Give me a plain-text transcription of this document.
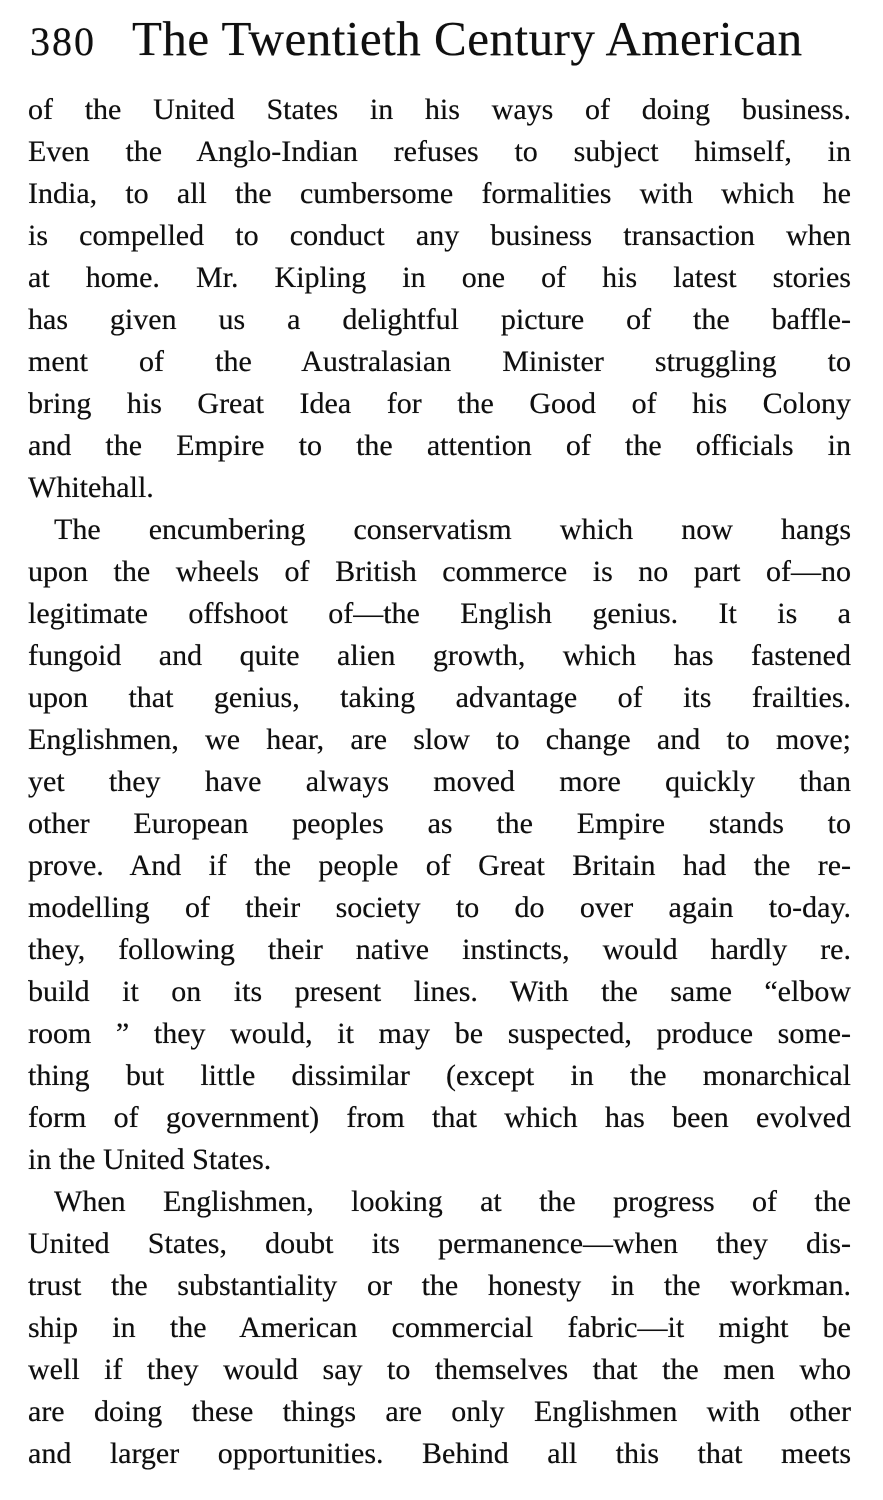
380 The Twentieth Century American
of the United States in his ways of doing business.
Even the Anglo-Indian refuses to subject himself, in
India, to all the cumbersome formalities with which he
is compelled to conduct any business transaction when
at home. Mr. Kipling in one of his latest stories
has given us a delightful picture of the baffle-
ment of the Australasian Minister struggling to
bring his Great Idea for the Good of his Colony
and the Empire to the attention of the officials in
Whitehall.
The encumbering conservatism which now hangs
upon the wheels of British commerce is no part of—no
legitimate offshoot of—the English genius. It is a
fungoid and quite alien growth, which has fastened
upon that genius, taking advantage of its frailties.
Englishmen, we hear, are slow to change and to move;
yet they have always moved more quickly than
other European peoples as the Empire stands to
prove. And if the people of Great Britain had the re-
modelling of their society to do over again to-day.
they, following their native instincts, would hardly re.
build it on its present lines. With the same “elbow
room ” they would, it may be suspected, produce some-
thing but little dissimilar (except in the monarchical
form of government) from that which has been evolved
in the United States.
When Englishmen, looking at the progress of the
United States, doubt its permanence—when they dis-
trust the substantiality or the honesty in the workman.
ship in the American commercial fabric—it might be
well if they would say to themselves that the men who
are doing these things are only Englishmen with other
and larger opportunities. Behind all this that meets
